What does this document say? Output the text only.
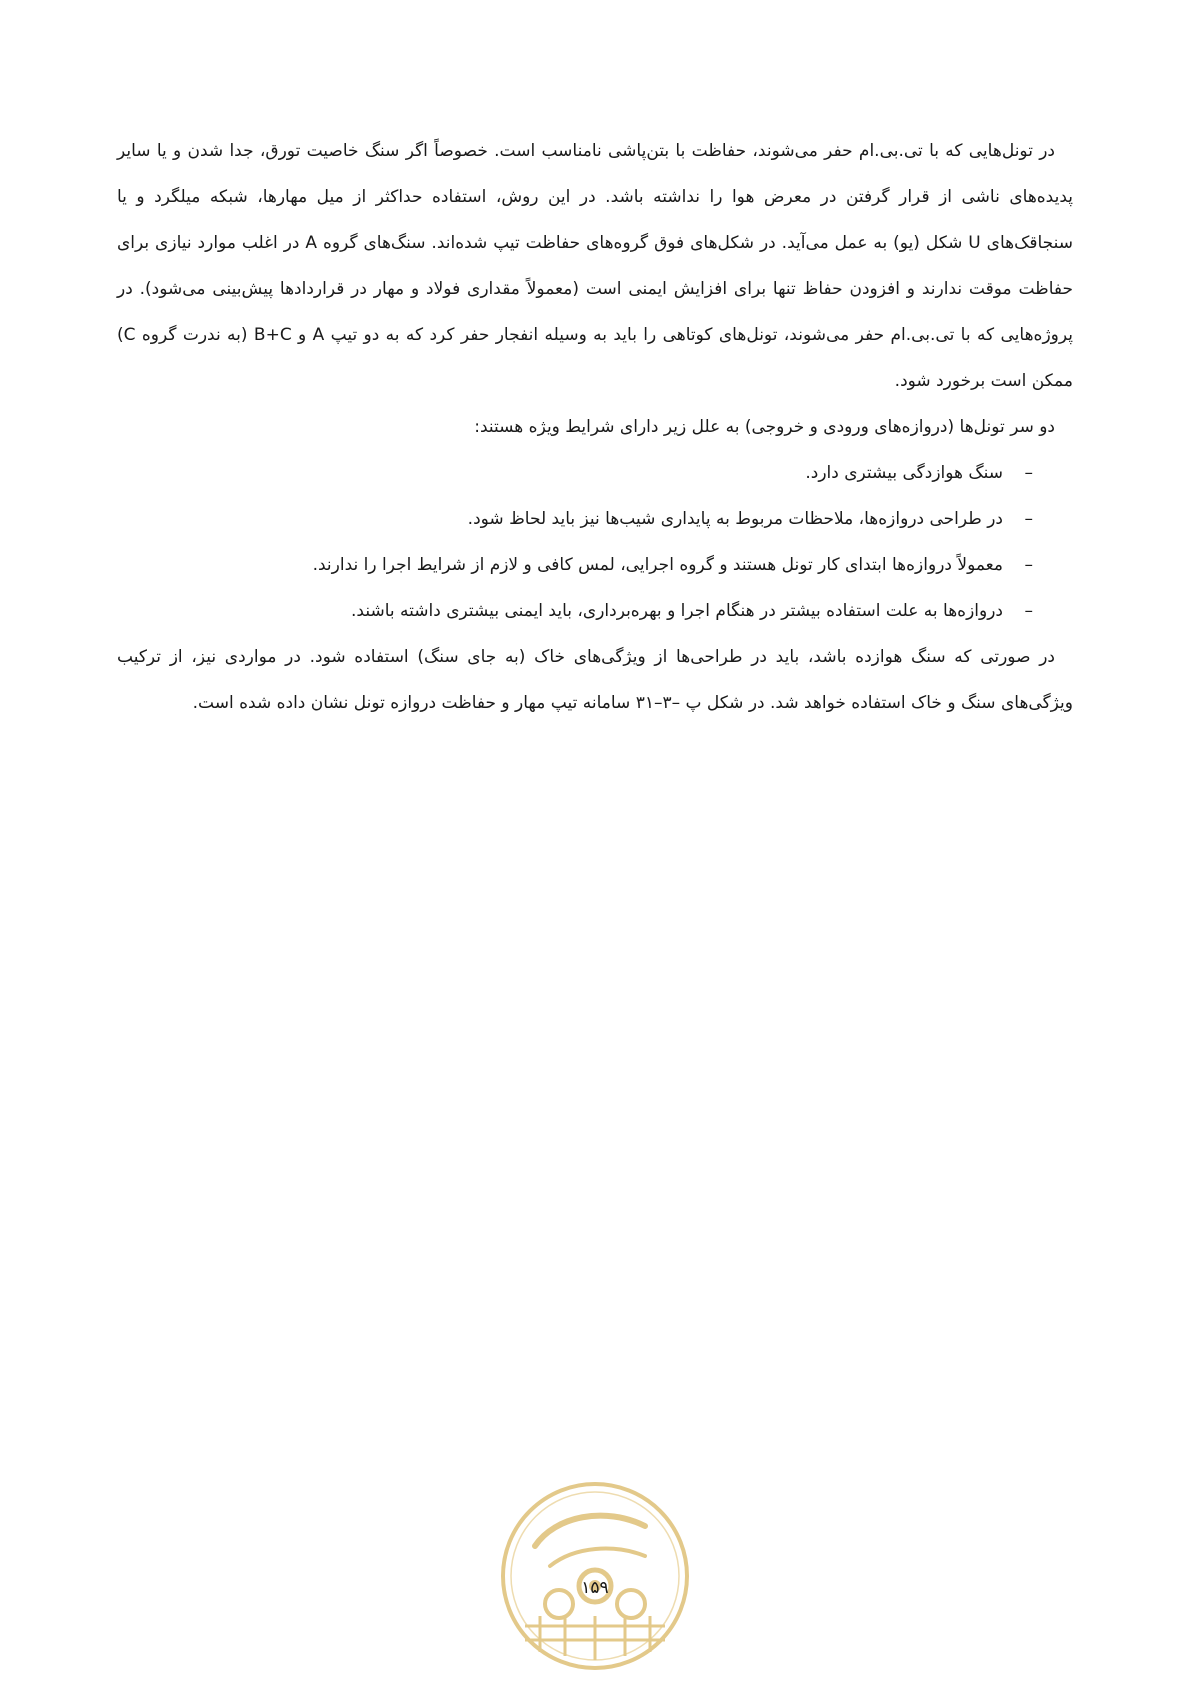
در تونل‌هایی که با تی.بی.ام حفر می‌شوند، حفاظت با بتن‌پاشی نامناسب است. خصوصاً اگر سنگ خاصیت تورق، جدا شدن و یا سایر پدیده‌های ناشی از قرار گرفتن در معرض هوا را نداشته باشد. در این روش، استفاده حداکثر از میل مهارها، شبکه میلگرد و یا سنجاقک‌های U شکل (یو) به عمل می‌آید. در شکل‌های فوق گروه‌های حفاظت تیپ شده‌اند. سنگ‌های گروه A در اغلب موارد نیازی برای حفاظت موقت ندارند و افزودن حفاظ تنها برای افزایش ایمنی است (معمولاً مقداری فولاد و مهار در قراردادها پیش‌بینی می‌شود). در پروژه‌هایی که با تی.بی.ام حفر می‌شوند، تونل‌های کوتاهی را باید به وسیله انفجار حفر کرد که به دو تیپ A و B+C (به ندرت گروه C) ممکن است برخورد شود.

دو سر تونل‌ها (دروازه‌های ورودی و خروجی) به علل زیر دارای شرایط ویژه هستند:

–
سنگ هوازدگی بیشتری دارد.
–
در طراحی دروازه‌ها، ملاحظات مربوط به پایداری شیب‌ها نیز باید لحاظ شود.
–
معمولاً دروازه‌ها ابتدای کار تونل هستند و گروه اجرایی، لمس کافی و لازم از شرایط اجرا را ندارند.
–
دروازه‌ها به علت استفاده بیشتر در هنگام اجرا و بهره‌برداری، باید ایمنی بیشتری داشته باشند.

در صورتی که سنگ هوازده باشد، باید در طراحی‌ها از ویژگی‌های خاک (به جای سنگ) استفاده شود. در مواردی نیز، از ترکیب ویژگی‌های سنگ و خاک استفاده خواهد شد. در شکل پ –۳–۳۱ سامانه تیپ مهار و حفاظت دروازه تونل نشان داده شده است.

۱۵۹
